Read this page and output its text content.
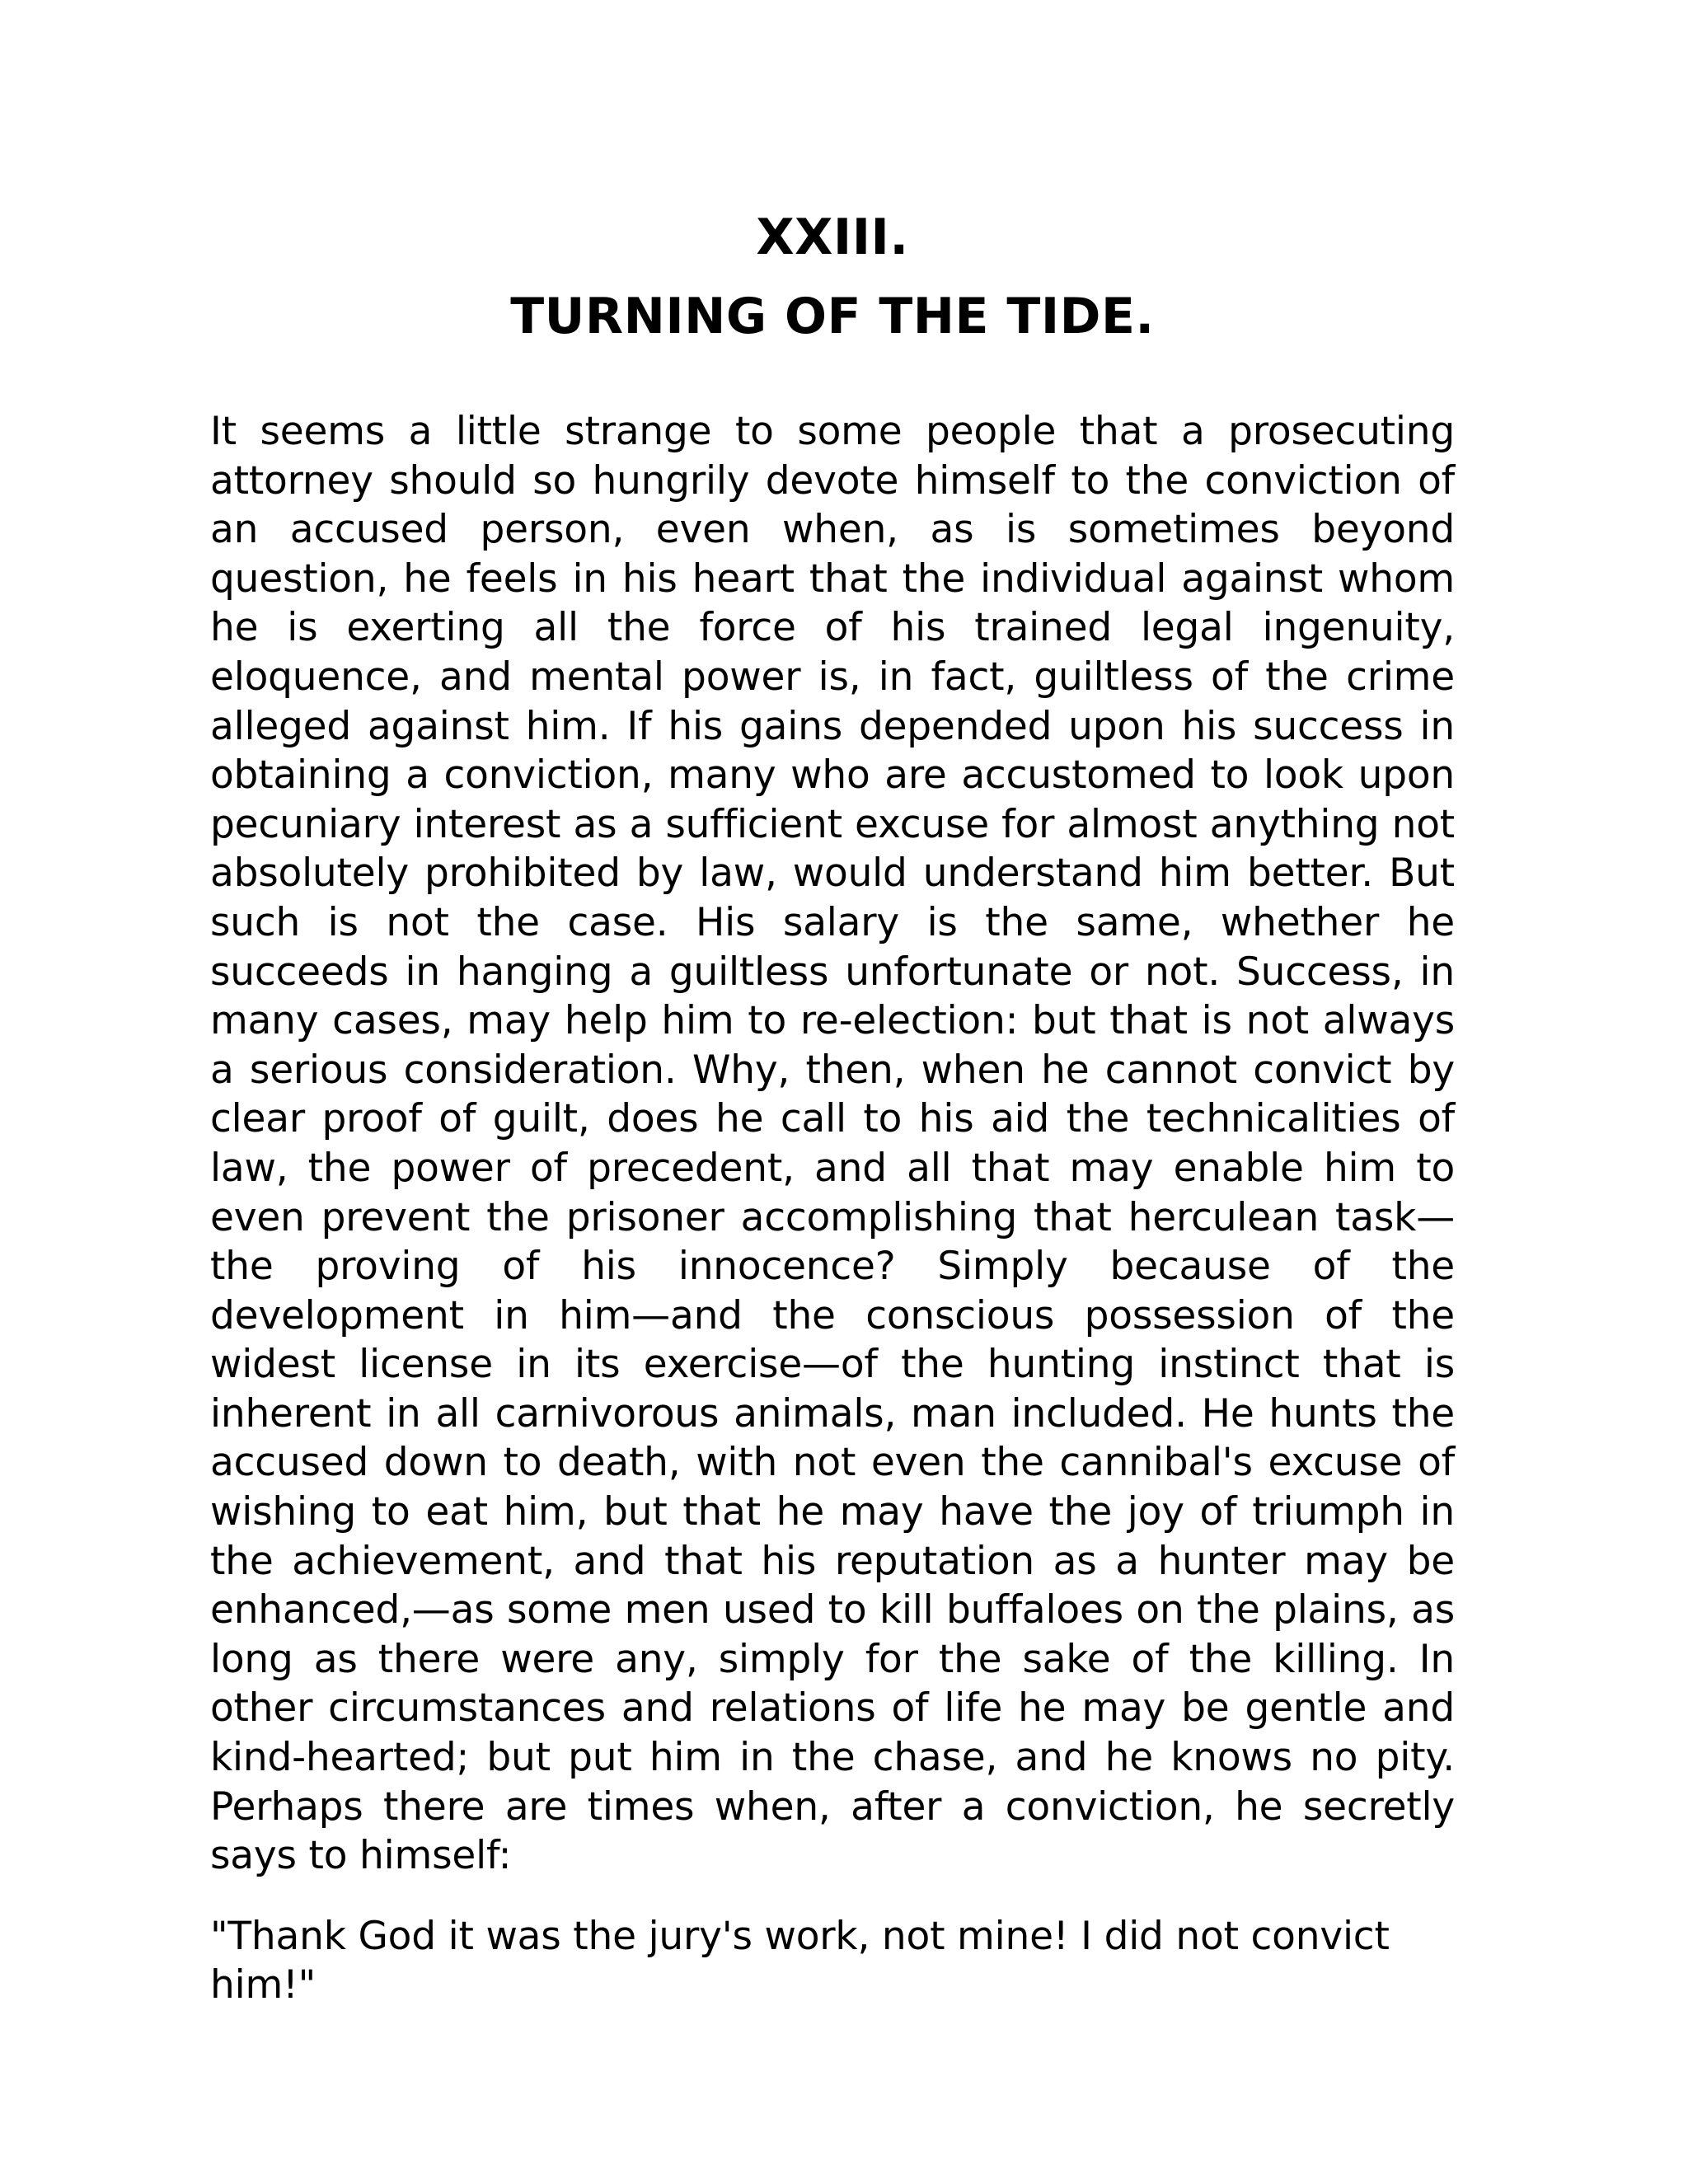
XXIII.
TURNING OF THE TIDE.

It seems a little strange to some people that a prosecuting attorney should so hungrily devote himself to the conviction of an accused person, even when, as is sometimes beyond question, he feels in his heart that the individual against whom he is exerting all the force of his trained legal ingenuity, eloquence, and mental power is, in fact, guiltless of the crime alleged against him. If his gains depended upon his success in obtaining a conviction, many who are accustomed to look upon pecuniary interest as a sufficient excuse for almost anything not absolutely prohibited by law, would understand him better. But such is not the case. His salary is the same, whether he succeeds in hanging a guiltless unfortunate or not. Success, in many cases, may help him to re-election: but that is not always a serious consideration. Why, then, when he cannot convict by clear proof of guilt, does he call to his aid the technicalities of law, the power of precedent, and all that may enable him to even prevent the prisoner accomplishing that herculean task—the proving of his innocence? Simply because of the development in him—and the conscious possession of the widest license in its exercise—of the hunting instinct that is inherent in all carnivorous animals, man included. He hunts the accused down to death, with not even the cannibal's excuse of wishing to eat him, but that he may have the joy of triumph in the achievement, and that his reputation as a hunter may be enhanced,—as some men used to kill buffaloes on the plains, as long as there were any, simply for the sake of the killing. In other circumstances and relations of life he may be gentle and kind-hearted; but put him in the chase, and he knows no pity. Perhaps there are times when, after a conviction, he secretly says to himself:

"Thank God it was the jury's work, not mine! I did not convict him!"
